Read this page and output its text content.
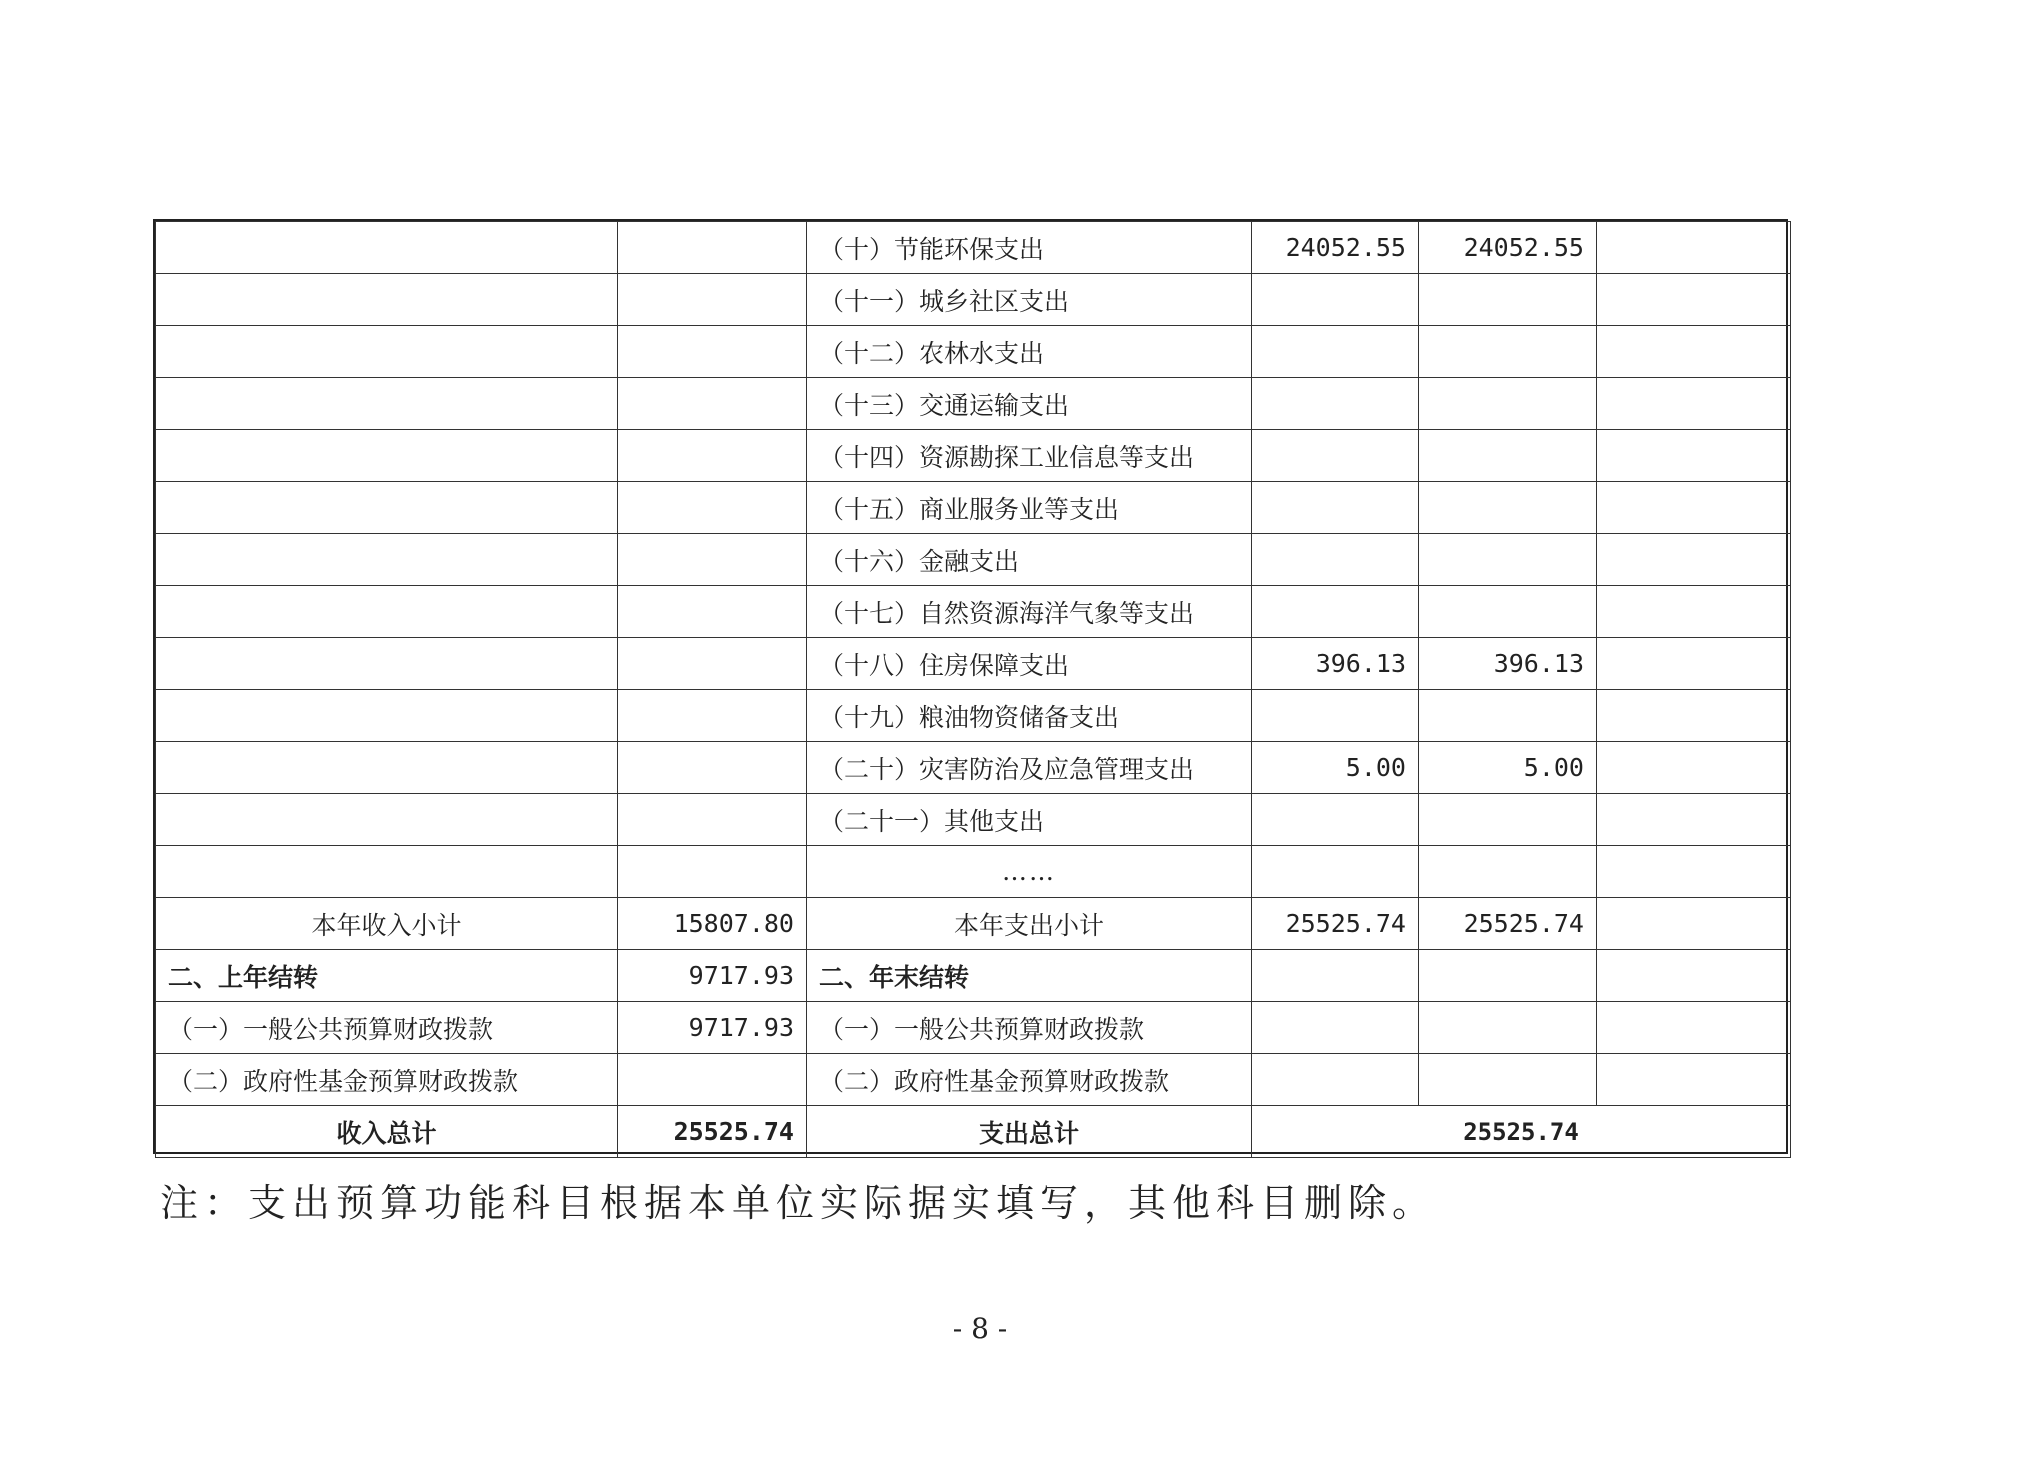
		（十）节能环保支出	24052.55	24052.55	
		（十一）城乡社区支出			
		（十二）农林水支出			
		（十三）交通运输支出			
		（十四）资源勘探工业信息等支出			
		（十五）商业服务业等支出			
		（十六）金融支出			
		（十七）自然资源海洋气象等支出			
		（十八）住房保障支出	396.13	396.13	
		（十九）粮油物资储备支出			
		（二十）灾害防治及应急管理支出	5.00	5.00	
		（二十一）其他支出			
		……			
本年收入小计	15807.80	本年支出小计	25525.74	25525.74	
二、上年结转	9717.93	二、年末结转			
（一）一般公共预算财政拨款	9717.93	（一）一般公共预算财政拨款			
（二）政府性基金预算财政拨款		（二）政府性基金预算财政拨款			
收入总计	25525.74	支出总计	25525.74		
注：支出预算功能科目根据本单位实际据实填写，其他科目删除。
- 8 -
